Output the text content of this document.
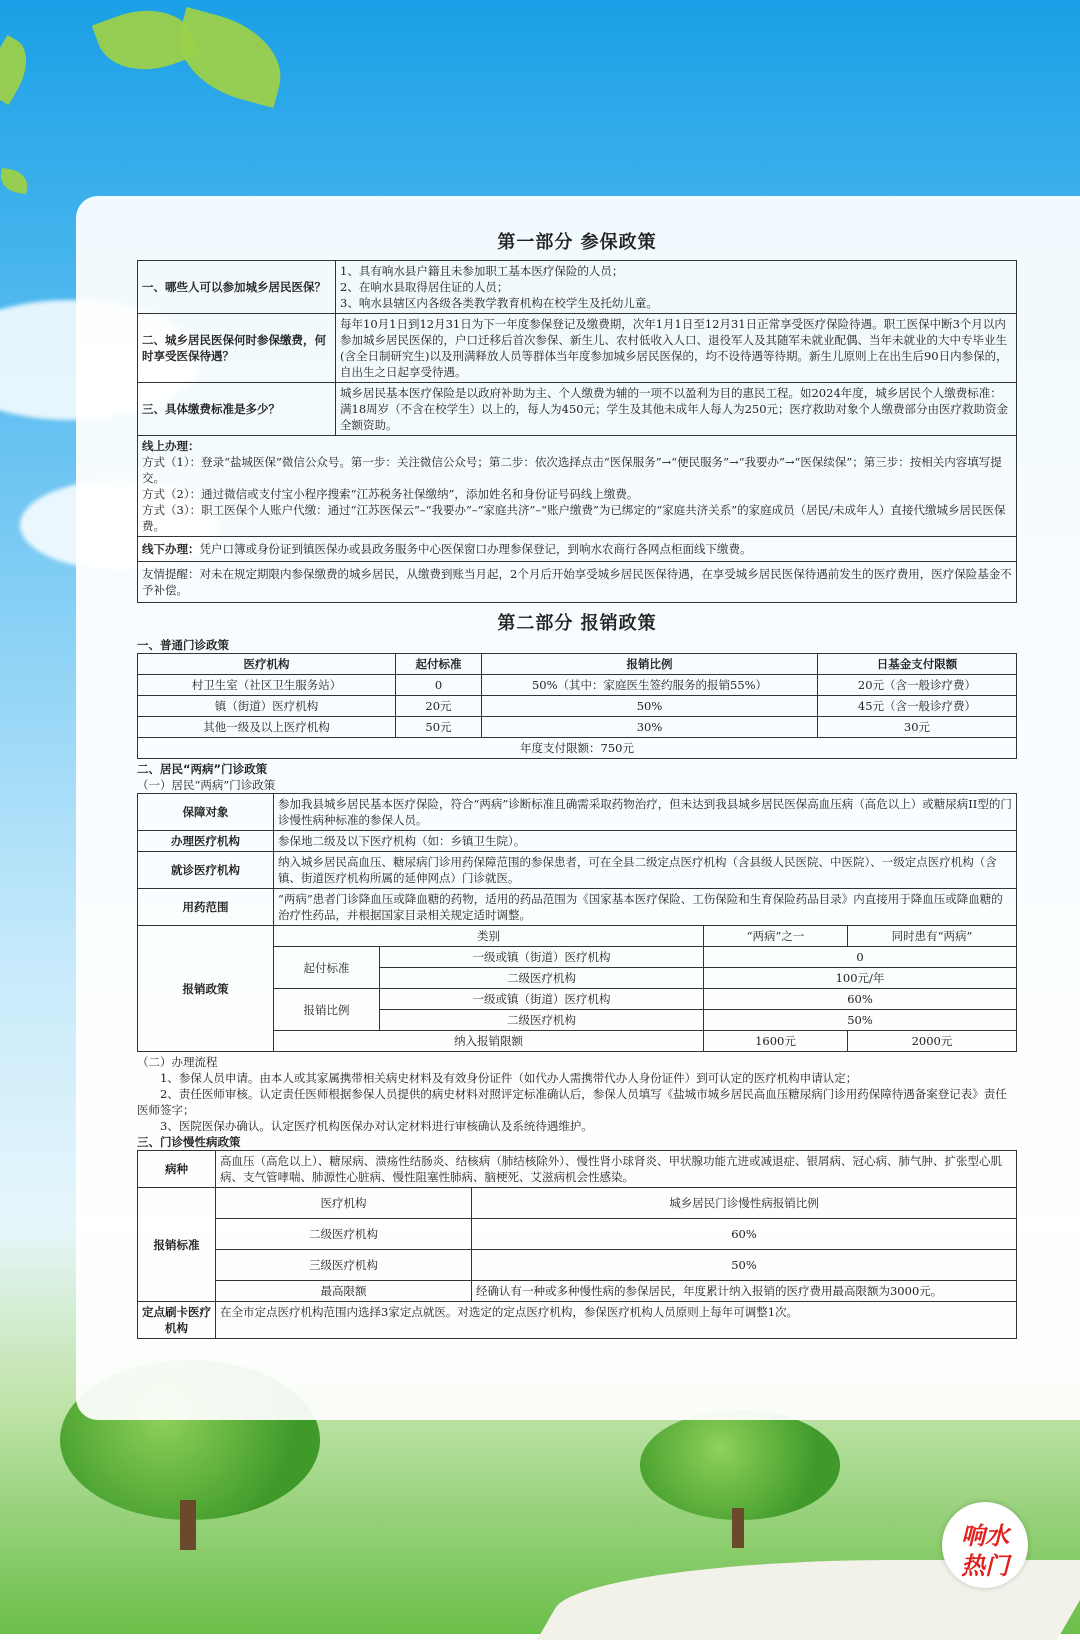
第一部分 参保政策
一、哪些人可以参加城乡居民医保？	1、具有响水县户籍且未参加职工基本医疗保险的人员；
2、在响水县取得居住证的人员；
3、响水县辖区内各级各类教学教育机构在校学生及托幼儿童。

二、城乡居民医保何时参保缴费，何时享受医保待遇？	每年10月1日到12月31日为下一年度参保登记及缴费期，次年1月1日至12月31日正常享受医疗保险待遇。职工医保中断3个月以内参加城乡居民医保的，户口迁移后首次参保、新生儿、农村低收入人口、退役军人及其随军未就业配偶、当年未就业的大中专毕业生(含全日制研究生)以及刑满释放人员等群体当年度参加城乡居民医保的，均不设待遇等待期。新生儿原则上在出生后90日内参保的，自出生之日起享受待遇。
三、具体缴费标准是多少？	城乡居民基本医疗保险是以政府补助为主、个人缴费为辅的一项不以盈利为目的惠民工程。如2024年度，城乡居民个人缴费标准：满18周岁（不含在校学生）以上的，每人为450元；学生及其他未成年人每人为250元；医疗救助对象个人缴费部分由医疗救助资金全额资助。

线上办理：
方式（1）：登录“盐城医保”微信公众号。第一步：关注微信公众号；第二步：依次选择点击“医保服务”→“便民服务”→“我要办”→“医保续保”；第三步：按相关内容填写提交。
方式（2）：通过微信或支付宝小程序搜索“江苏税务社保缴纳”，添加姓名和身份证号码线上缴费。
方式（3）：职工医保个人账户代缴：通过“江苏医保云”–“我要办”–“家庭共济”–“账户缴费”为已绑定的“家庭共济关系”的家庭成员（居民/未成年人）直接代缴城乡居民医保费。	

线下办理：凭户口簿或身份证到镇医保办或县政务服务中心医保窗口办理参保登记，到响水农商行各网点柜面线下缴费。	
友情提醒：对未在规定期限内参保缴费的城乡居民，从缴费到账当月起，2个月后开始享受城乡居民医保待遇，在享受城乡居民医保待遇前发生的医疗费用，医疗保险基金不予补偿。	
第二部分 报销政策

一、普通门诊政策

医疗机构	起付标准	报销比例	日基金支付限额
村卫生室（社区卫生服务站）	0	50%（其中：家庭医生签约服务的报销55%）	20元（含一般诊疗费）
镇（街道）医疗机构	20元	50%	45元（含一般诊疗费）
其他一级及以上医疗机构	50元	30%	30元
年度支付限额：750元			

二、居民“两病”门诊政策

（一）居民“两病”门诊政策

保障对象	参加我县城乡居民基本医疗保险，符合“两病”诊断标准且确需采取药物治疗，但未达到我县城乡居民医保高血压病（高危以上）或糖尿病II型的门诊慢性病种标准的参保人员。			
办理医疗机构	参保地二级及以下医疗机构（如：乡镇卫生院）。			
就诊医疗机构	纳入城乡居民高血压、糖尿病门诊用药保障范围的参保患者，可在全县二级定点医疗机构（含县级人民医院、中医院）、一级定点医疗机构（含镇、街道医疗机构所属的延伸网点）门诊就医。			
用药范围	“两病”患者门诊降血压或降血糖的药物，适用的药品范围为《国家基本医疗保险、工伤保险和生育保险药品目录》内直接用于降血压或降血糖的治疗性药品，并根据国家目录相关规定适时调整。			
报销政策	类别		“两病”之一	同时患有“两病”
	起付标准	一级或镇（街道）医疗机构	0	
		二级医疗机构	100元/年	
	报销比例	一级或镇（街道）医疗机构	60%	
		二级医疗机构	50%	
	纳入报销限额		1600元	2000元

（二）办理流程

1、参保人员申请。由本人或其家属携带相关病史材料及有效身份证件（如代办人需携带代办人身份证件）到可认定的医疗机构申请认定；

2、责任医师审核。认定责任医师根据参保人员提供的病史材料对照评定标准确认后，参保人员填写《盐城市城乡居民高血压糖尿病门诊用药保障待遇备案登记表》责任医师签字；

3、医院医保办确认。认定医疗机构医保办对认定材料进行审核确认及系统待遇维护。

三、门诊慢性病政策

病种	高血压（高危以上）、糖尿病、溃疡性结肠炎、结核病（肺结核除外）、慢性肾小球肾炎、甲状腺功能亢进或减退症、银屑病、冠心病、肺气肿、扩张型心肌病、支气管哮喘、肺源性心脏病、慢性阻塞性肺病、脑梗死、艾滋病机会性感染。	
报销标准	医疗机构	城乡居民门诊慢性病报销比例
	二级医疗机构	60%
	三级医疗机构	50%
	最高限额	经确认有一种或多种慢性病的参保居民，年度累计纳入报销的医疗费用最高限额为3000元。
定点刷卡医疗机构	在全市定点医疗机构范围内选择3家定点就医。对选定的定点医疗机构，参保医疗机构人员原则上每年可调整1次。	
响水
热门
